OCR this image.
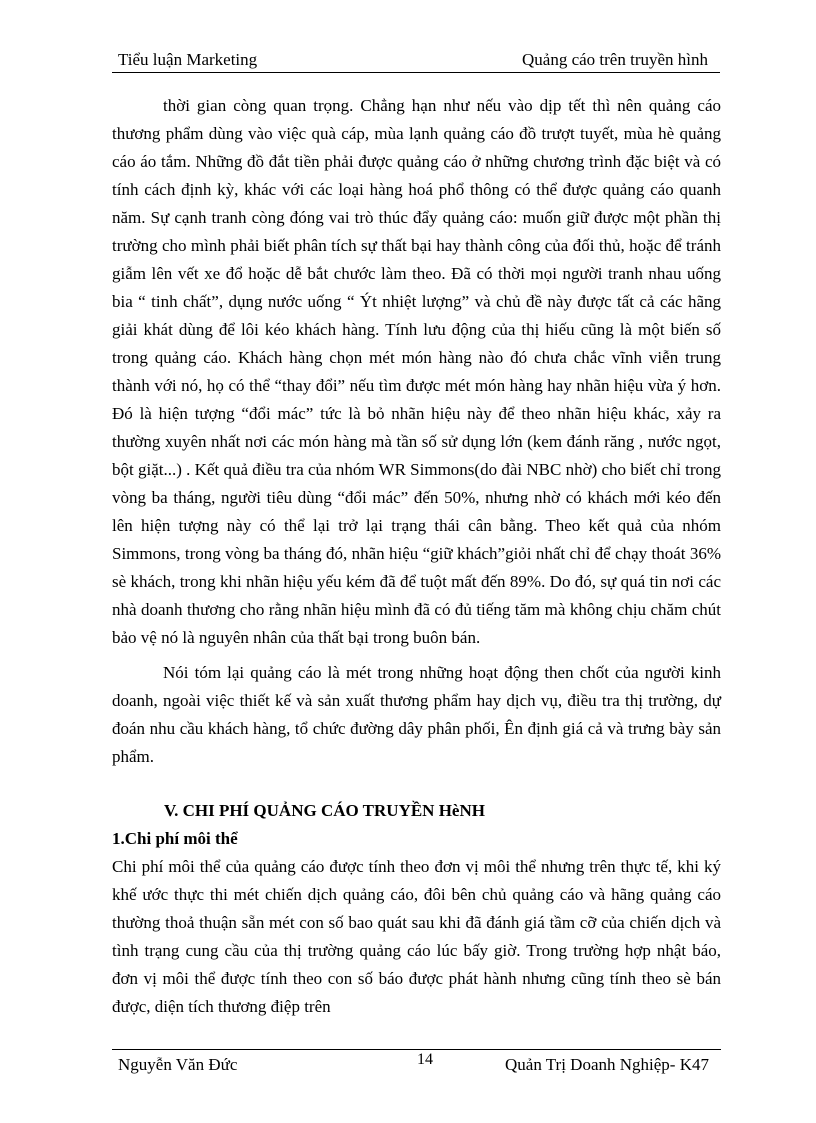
Tiểu luận Marketing	Quảng cáo trên truyền hình

thời gian còng quan trọng. Chẳng hạn như nếu vào dịp tết thì nên quảng cáo thương phẩm dùng vào việc quà cáp, mùa lạnh quảng cáo đồ trượt tuyết, mùa hè quảng cáo áo tắm. Những đồ đắt tiền phải được quảng cáo ở những chương trình đặc biệt và có tính cách định kỳ, khác với các loại hàng hoá phổ thông có thể được quảng cáo quanh năm. Sự cạnh tranh còng đóng vai trò thúc đẩy quảng cáo: muốn giữ được một phần thị trường cho mình phải biết phân tích sự thất bại hay thành công của đối thủ, hoặc để tránh giẫm lên vết xe đổ hoặc dễ bắt chước làm theo. Đã có thời mọi người tranh nhau uống bia “ tinh chất”, dụng nước uống “ Ýt nhiệt lượng” và chủ đề này được tất cả các hãng giải khát dùng để lôi kéo khách hàng. Tính lưu động của thị hiếu cũng là một biến số trong quảng cáo. Khách hàng chọn mét món hàng nào đó chưa chắc vĩnh viễn trung thành với nó, họ có thể “thay đổi” nếu tìm được mét món hàng hay nhãn hiệu vừa ý hơn. Đó là hiện tượng “đổi mác” tức là bỏ nhãn hiệu này để theo nhãn hiệu khác, xảy ra thường xuyên nhất nơi các món hàng mà tần số sử dụng lớn (kem đánh răng , nước ngọt, bột giặt...) . Kết quả điều tra của nhóm WR Simmons(do đài NBC nhờ) cho biết chỉ trong vòng ba tháng, người tiêu dùng “đổi mác” đến 50%, nhưng nhờ có khách mới kéo đến lên hiện tượng này có thể lại trở lại trạng thái cân bằng. Theo kết quả của nhóm Simmons, trong vòng ba tháng đó, nhãn hiệu “giữ khách”giỏi nhất chỉ để chạy thoát 36% sè khách, trong khi nhãn hiệu yếu kém đã để tuột mất đến 89%. Do đó, sự quá tin nơi các nhà doanh thương cho rằng nhãn hiệu mình đã có đủ tiếng tăm mà không chịu chăm chút bảo vệ nó là nguyên nhân của thất bại trong buôn bán.

Nói tóm lại quảng cáo là mét trong những hoạt động then chốt của người kinh doanh, ngoài việc thiết kế và sản xuất thương phẩm hay dịch vụ, điều tra thị trường, dự đoán nhu cầu khách hàng, tổ chức đường dây phân phối, Ên định giá cả và trưng bày sản phẩm.

V. CHI PHÍ QUẢNG CÁO TRUYỀN HèNH
1.Chi phí môi thể

Chi phí môi thể của quảng cáo được tính theo đơn vị môi thể nhưng trên thực tế, khi ký khế ước thực thi mét chiến dịch quảng cáo, đôi bên chủ quảng cáo và hãng quảng cáo thường thoả thuận sẵn mét con số bao quát sau khi đã đánh giá tầm cỡ của chiến dịch và tình trạng cung cầu của thị trường quảng cáo lúc bấy giờ. Trong trường hợp nhật báo, đơn vị môi thể được tính theo con số báo được phát hành nhưng cũng tính theo sè bán được, diện tích thương điệp trên

Nguyễn Văn Đức	14	Quản Trị Doanh Nghiệp- K47
